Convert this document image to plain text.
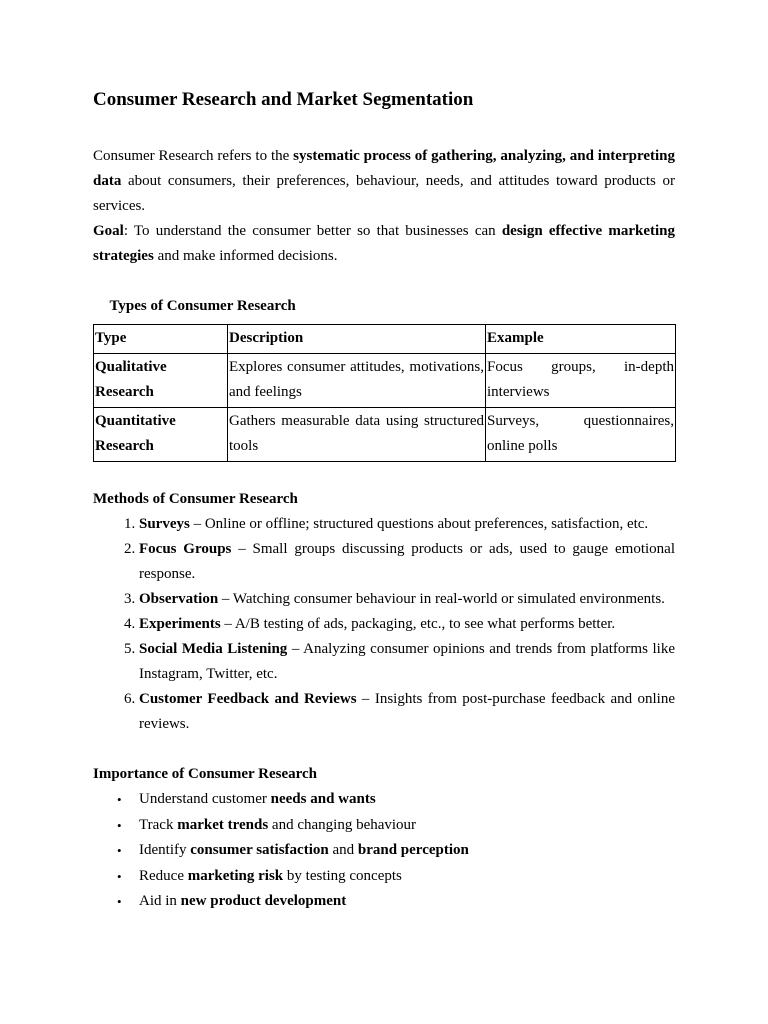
Consumer Research and Market Segmentation

Consumer Research refers to the systematic process of gathering, analyzing, and interpreting data about consumers, their preferences, behaviour, needs, and attitudes toward products or services.

Goal: To understand the consumer better so that businesses can design effective marketing strategies and make informed decisions.

Types of Consumer Research
Type	Description	Example
Qualitative Research	Explores consumer attitudes, motivations, and feelings	Focus groups, in-depth interviews
Quantitative Research	Gathers measurable data using structured tools	Surveys, questionnaires, online polls
Methods of Consumer Research
1. Surveys – Online or offline; structured questions about preferences, satisfaction, etc.
2. Focus Groups – Small groups discussing products or ads, used to gauge emotional response.
3. Observation – Watching consumer behaviour in real-world or simulated environments.
4. Experiments – A/B testing of ads, packaging, etc., to see what performs better.
5. Social Media Listening – Analyzing consumer opinions and trends from platforms like Instagram, Twitter, etc.
6. Customer Feedback and Reviews – Insights from post-purchase feedback and online reviews.
Importance of Consumer Research
• Understand customer needs and wants
• Track market trends and changing behaviour
• Identify consumer satisfaction and brand perception
• Reduce marketing risk by testing concepts
• Aid in new product development
